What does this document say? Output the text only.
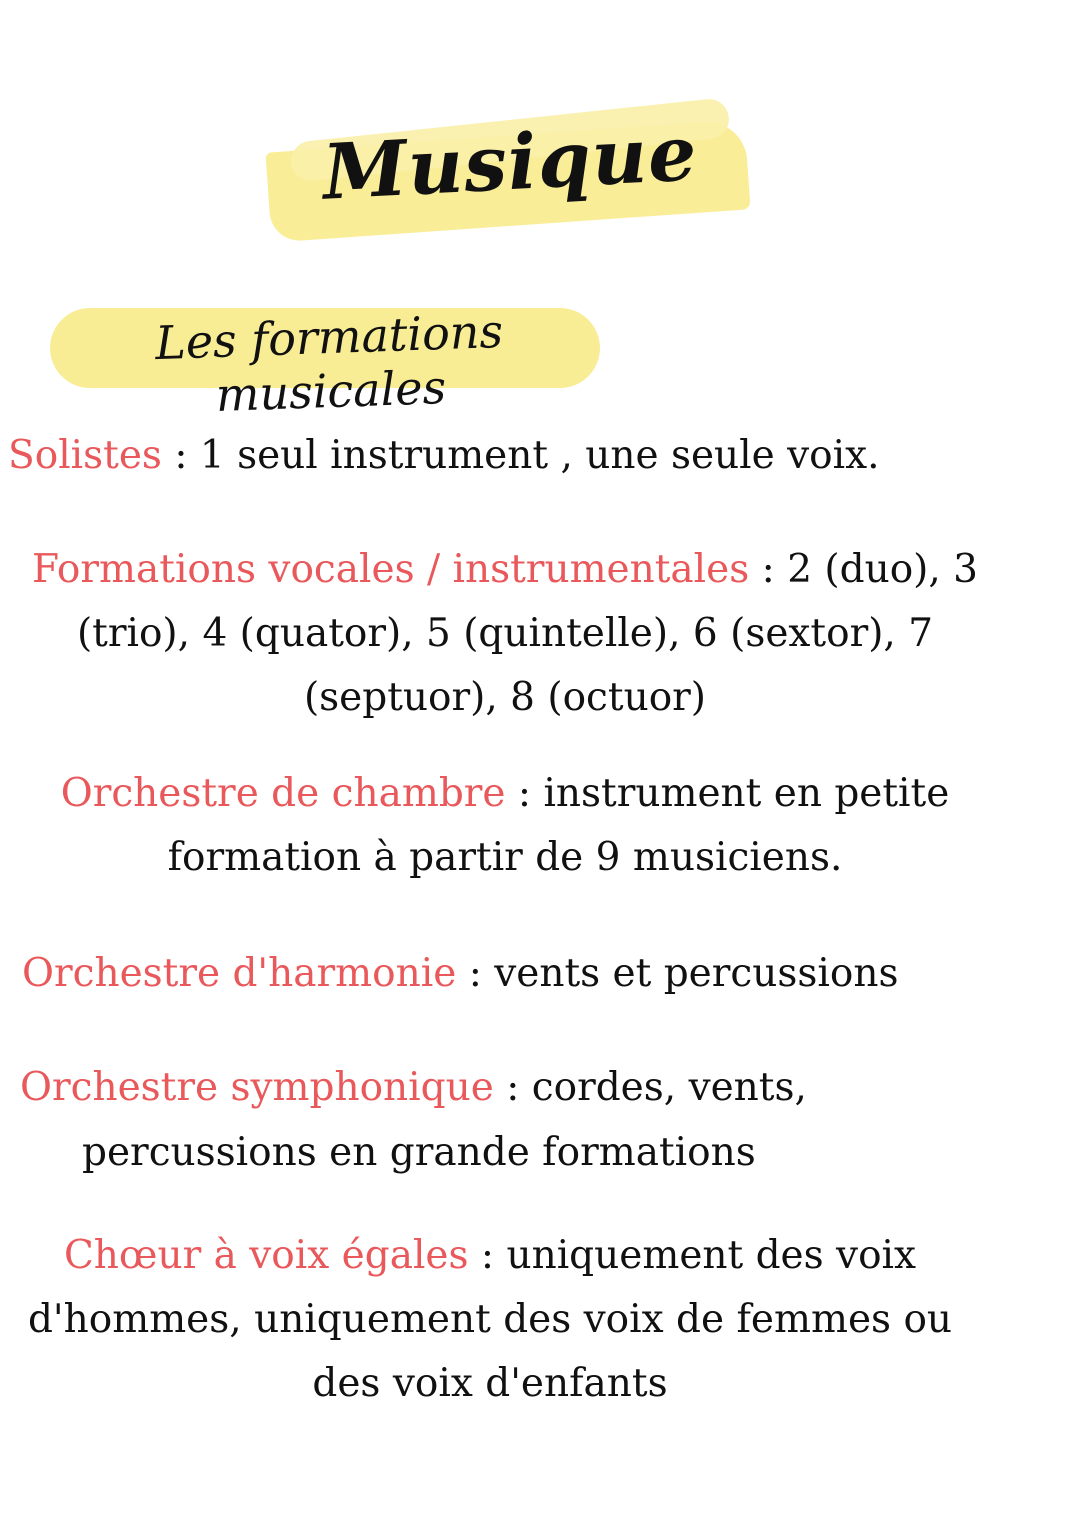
Musique
Les formations musicales

Solistes : 1 seul instrument , une seule voix.

Formations vocales / instrumentales : 2 (duo), 3 (trio), 4 (quator), 5 (quintelle), 6 (sextor), 7 (septuor), 8 (octuor)

Orchestre de chambre : instrument en petite formation à partir de 9 musiciens.

Orchestre d'harmonie : vents et percussions

Orchestre symphonique : cordes, vents,

percussions en grande formations

Chœur à voix égales : uniquement des voix d'hommes, uniquement des voix de femmes ou des voix d'enfants
